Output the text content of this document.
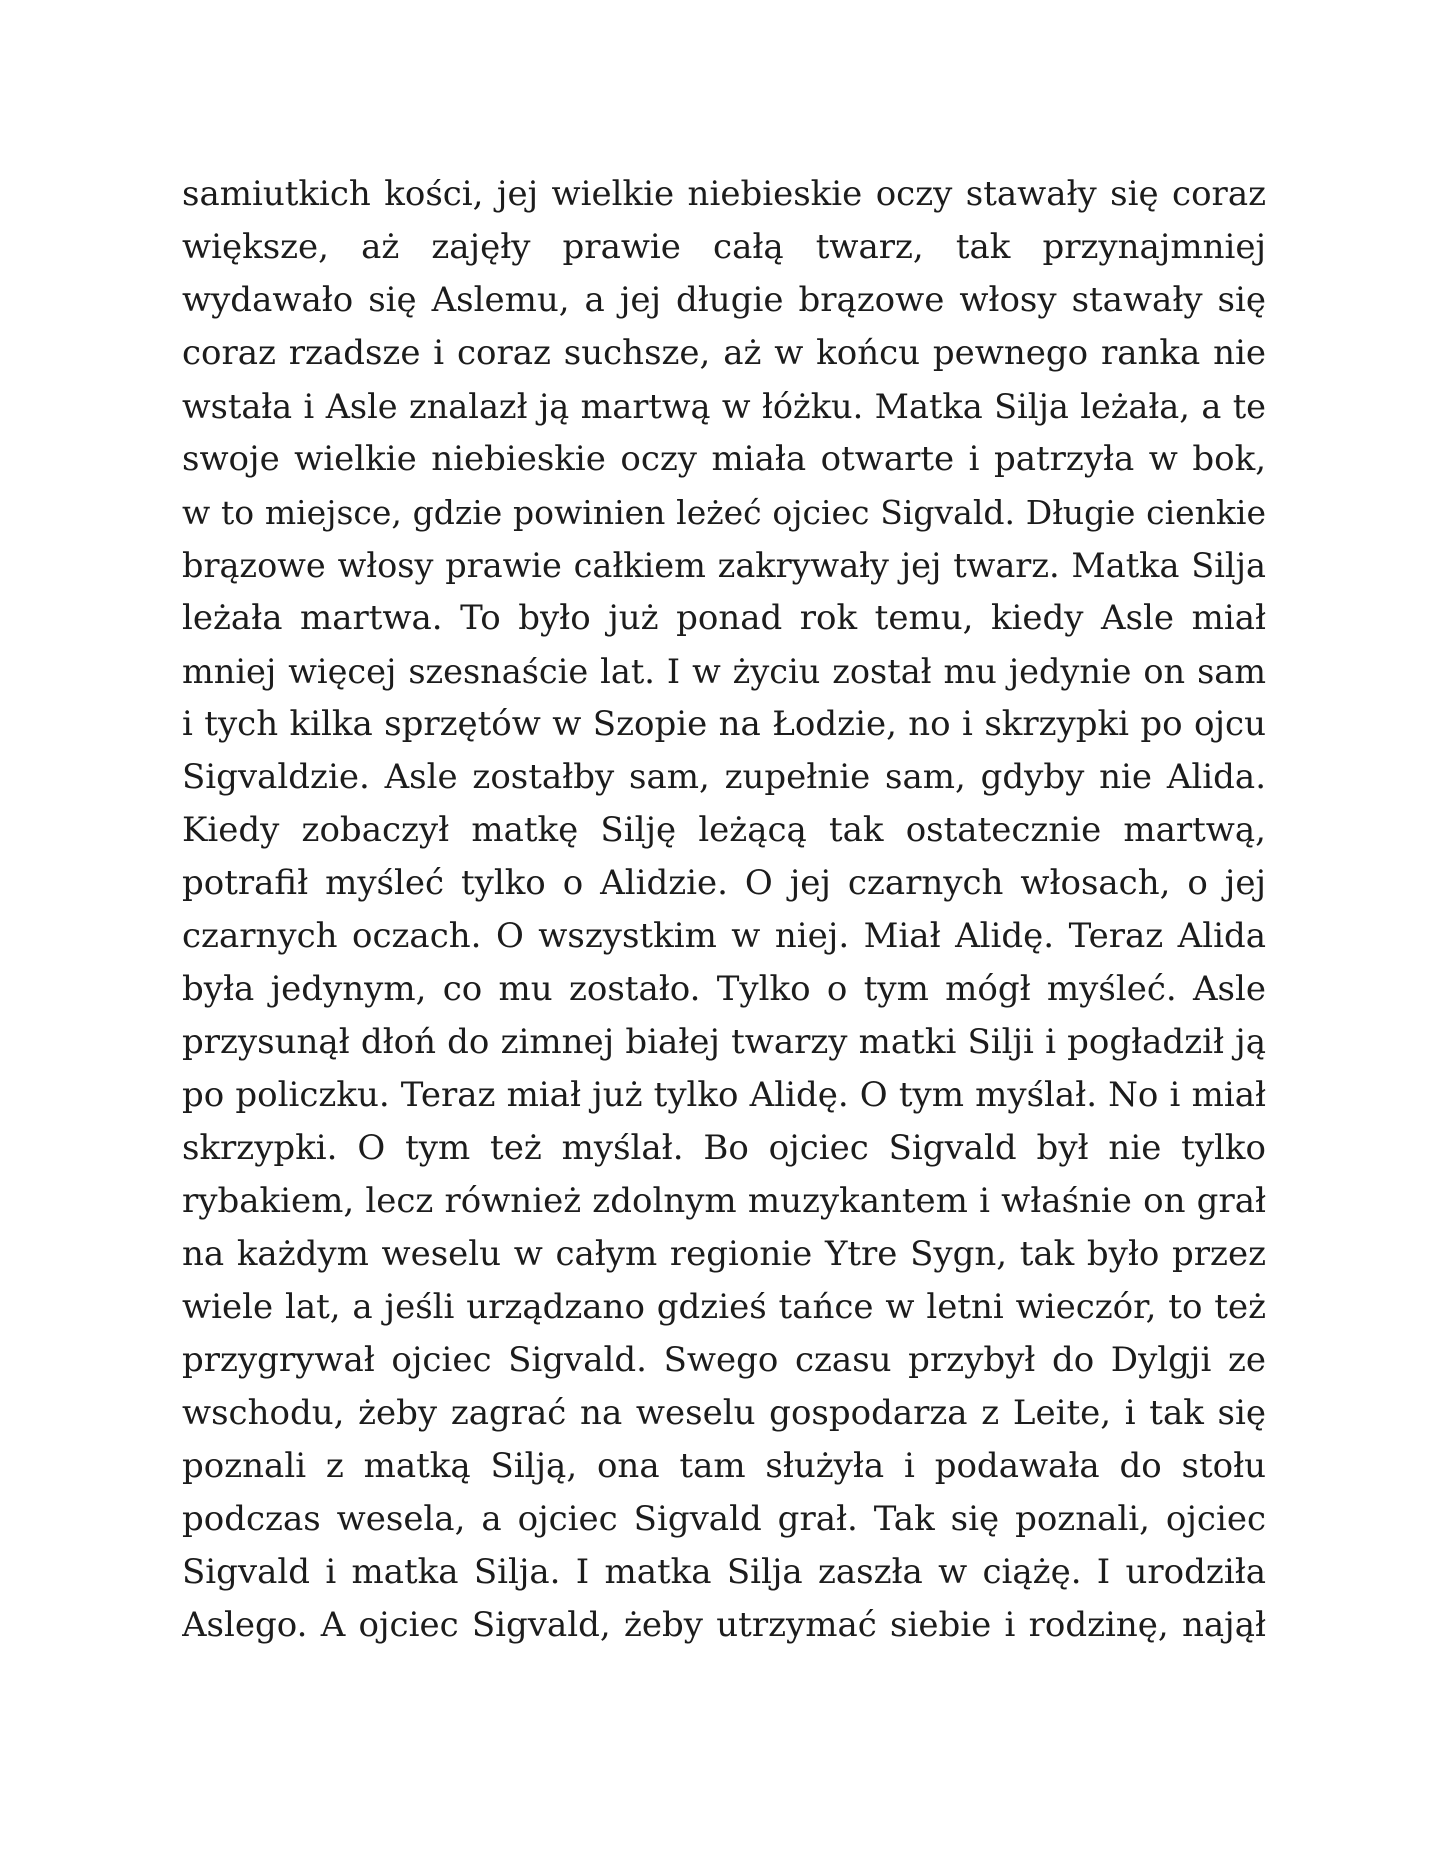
samiutkich kości, jej wielkie niebieskie oczy stawały się coraz
większe, aż zajęły prawie całą twarz, tak przynajmniej
wydawało się Aslemu, a jej długie brązowe włosy stawały się
coraz rzadsze i coraz suchsze, aż w końcu pewnego ranka nie
wstała i Asle znalazł ją martwą w łóżku. Matka Silja leżała, a te
swoje wielkie niebieskie oczy miała otwarte i patrzyła w bok,
w to miejsce, gdzie powinien leżeć ojciec Sigvald. Długie cienkie
brązowe włosy prawie całkiem zakrywały jej twarz. Matka Silja
leżała martwa. To było już ponad rok temu, kiedy Asle miał
mniej więcej szesnaście lat. I w życiu został mu jedynie on sam
i tych kilka sprzętów w Szopie na Łodzie, no i skrzypki po ojcu
Sigvaldzie. Asle zostałby sam, zupełnie sam, gdyby nie Alida.
Kiedy zobaczył matkę Silję leżącą tak ostatecznie martwą,
potrafił myśleć tylko o Alidzie. O jej czarnych włosach, o jej
czarnych oczach. O wszystkim w niej. Miał Alidę. Teraz Alida
była jedynym, co mu zostało. Tylko o tym mógł myśleć. Asle
przysunął dłoń do zimnej białej twarzy matki Silji i pogładził ją
po policzku. Teraz miał już tylko Alidę. O tym myślał. No i miał
skrzypki. O tym też myślał. Bo ojciec Sigvald był nie tylko
rybakiem, lecz również zdolnym muzykantem i właśnie on grał
na każdym weselu w całym regionie Ytre Sygn, tak było przez
wiele lat, a jeśli urządzano gdzieś tańce w letni wieczór, to też
przygrywał ojciec Sigvald. Swego czasu przybył do Dylgji ze
wschodu, żeby zagrać na weselu gospodarza z Leite, i tak się
poznali z matką Silją, ona tam służyła i podawała do stołu
podczas wesela, a ojciec Sigvald grał. Tak się poznali, ojciec
Sigvald i matka Silja. I matka Silja zaszła w ciążę. I urodziła
Aslego. A ojciec Sigvald, żeby utrzymać siebie i rodzinę, najął
